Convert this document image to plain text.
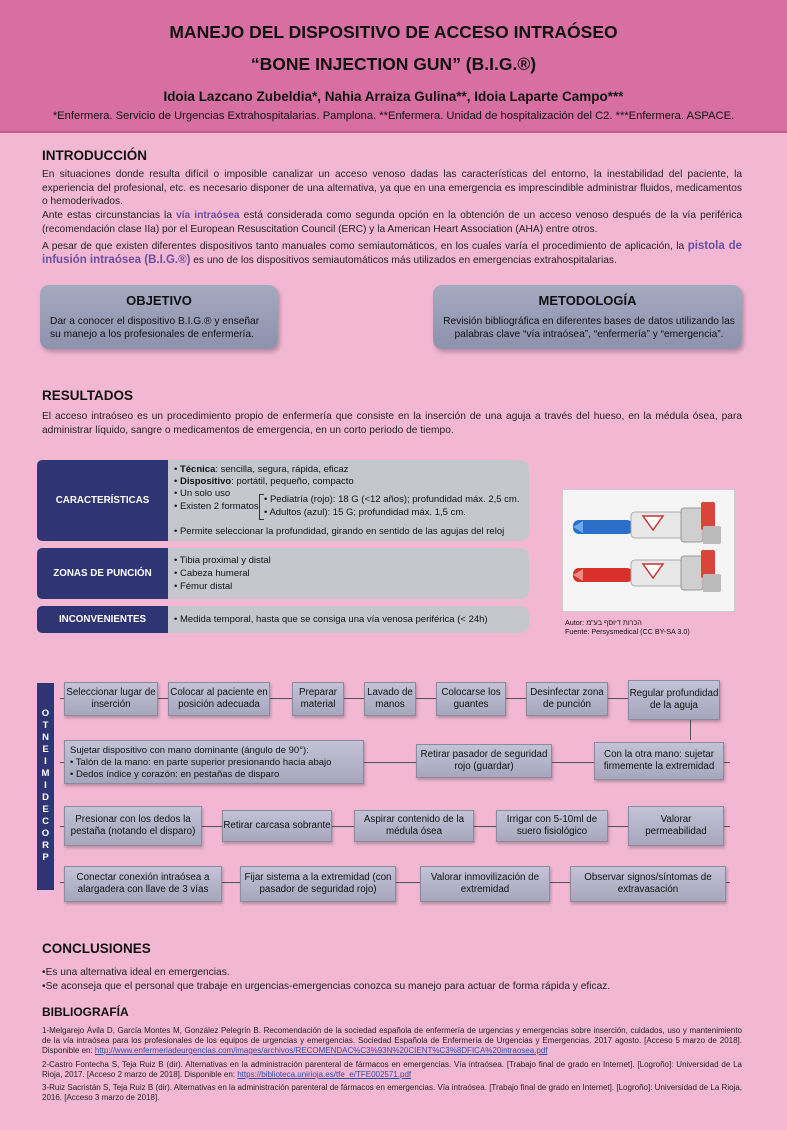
MANEJO DEL DISPOSITIVO DE ACCESO INTRAÓSEO
“BONE INJECTION GUN” (B.I.G.®)
Idoia Lazcano Zubeldia*, Nahia Arraiza Gulina**, Idoia Laparte Campo***
*Enfermera. Servicio de Urgencias Extrahospitalarias. Pamplona. **Enfermera. Unidad de hospitalización del C2. ***Enfermera. ASPACE.
INTRODUCCIÓN
En situaciones donde resulta difícil o imposible canalizar un acceso venoso dadas las características del entorno, la inestabilidad del paciente, la experiencia del profesional, etc. es necesario disponer de una alternativa, ya que en una emergencia es imprescindible administrar fluidos, medicamentos o hemoderivados.
Ante estas circunstancias la vía intraósea está considerada como segunda opción en la obtención de un acceso venoso después de la vía periférica (recomendación clase IIa) por el European Resuscitation Council (ERC) y la American Heart Association (AHA) entre otros.
A pesar de que existen diferentes dispositivos tanto manuales como semiautomáticos, en los cuales varía el procedimiento de aplicación, la pistola de infusión intraósea (B.I.G.®) es uno de los dispositivos semiautomáticos más utilizados en emergencias extrahospitalarias.
OBJETIVO
Dar a conocer el dispositivo B.I.G.® y enseñar su manejo a los profesionales de enfermería.
METODOLOGÍA
Revisión bibliográfica en diferentes bases de datos utilizando las palabras clave “vía intraósea”, “enfermería” y “emergencia”.
RESULTADOS
El acceso intraóseo es un procedimiento propio de enfermería que consiste en la inserción de una aguja a través del hueso, en la médula ósea, para administrar líquido, sangre o medicamentos de emergencia, en un corto periodo de tiempo.
CARACTERÍSTICAS
• Técnica: sencilla, segura, rápida, eficaz
• Dispositivo: portátil, pequeño, compacto
• Un solo uso
• Existen 2 formatos
• Pediatría (rojo): 18 G (<12 años); profundidad máx. 2,5 cm.
• Adultos (azul): 15 G; profundidad máx. 1,5 cm.
• Permite seleccionar la profundidad, girando en sentido de las agujas del reloj
ZONAS DE PUNCIÓN
• Tibia proximal y distal
• Cabeza humeral
• Fémur distal
INCONVENIENTES	• Medida temporal, hasta que se consiga una vía venosa periférica (< 24h)	Autor: הכרות דיוסף בע"מ
Fuente: Persysmedical (CC BY-SA 3.0)
O
T
N
E
I
M
I
D
E
C
O
R
P
Seleccionar lugar de inserción
Colocar al paciente en posición adecuada
Preparar material
Lavado de manos
Colocarse los guantes
Desinfectar zona de punción
Regular profundidad de la aguja
Sujetar dispositivo con mano dominante (ángulo de 90°):
• Talón de la mano: en parte superior presionando hacia abajo
• Dedos índice y corazón: en pestañas de disparo
Retirar pasador de seguridad rojo (guardar)
Con la otra mano: sujetar firmemente la extremidad
Presionar con los dedos la pestaña (notando el disparo)
Retirar carcasa sobrante
Aspirar contenido de la médula ósea
Irrigar con 5-10ml de suero fisiológico
Valorar permeabilidad
Conectar conexión intraósea a alargadera con llave de 3 vías
Fijar sistema a la extremidad (con pasador de seguridad rojo)
Valorar inmovilización de extremidad
Observar signos/síntomas de extravasación
CONCLUSIONES
•Es una alternativa ideal en emergencias.
•Se aconseja que el personal que trabaje en urgencias-emergencias conozca su manejo para actuar de forma rápida y eficaz.
BIBLIOGRAFÍA
1-Melgarejo Ávila D, García Montes M, González Pelegrín B. Recomendación de la sociedad española de enfermería de urgencias y emergencias sobre inserción, cuidados, uso y mantenimiento de la vía intraósea para los profesionales de los equipos de urgencias y emergencias. Sociedad Española de Enfermería de Urgencias y Emergencias. 2017 agosto. [Acceso 5 marzo de 2018]. Disponible en: http://www.enfermeriadeurgencias.com/images/archivos/RECOMENDAC%C3%93N%20CIENT%C3%8DFICA%20intraosea.pdf
2-Castro Fontecha S, Teja Ruiz B (dir). Alternativas en la administración parenteral de fármacos en emergencias. Vía intraósea. [Trabajo final de grado en Internet]. [Logroño]: Universidad de La Rioja, 2017. [Acceso 2 marzo de 2018]. Disponible en: https://biblioteca.unirioja.es/tfe_e/TFE002571.pdf
3-Ruiz Sacristán S, Teja Ruiz B (dir). Alternativas en la administración parenteral de fármacos en emergencias. Vía intraósea. [Trabajo final de grado en Internet]. [Logroño]: Universidad de La Rioja, 2016. [Acceso 3 marzo de 2018].
